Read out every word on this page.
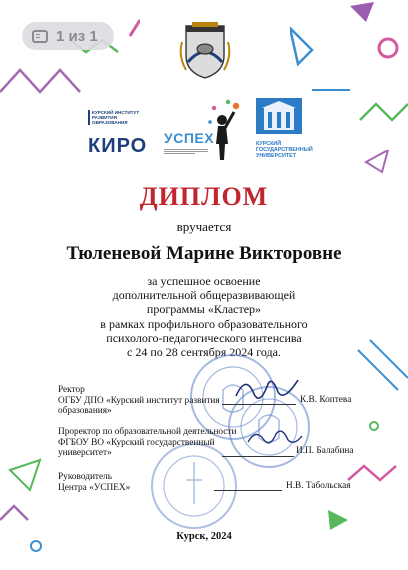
1 из 1
КУРСКИЙ ИНСТИТУТ РАЗВИТИЯ ОБРАЗОВАНИЯ
КИРО УСПЕХ	КУРСКИЙ ГОСУДАРСТВЕННЫЙ УНИВЕРСИТЕТ
ДИПЛОМ
вручается
Тюленевой Марине Викторовне
за успешное освоение
дополнительной общеразвивающей
программы «Кластер»
в рамках профильного образовательного
психолого-педагогического интенсива
с 24 по 28 сентября 2024 года.
Ректор
ОГБУ ДПО «Курский институт развития
образования»
К.В. Коптева
Проректор по образовательной деятельности
ФГБОУ ВО «Курский государственный
университет»	И.П. Балабина
Руководитель
Центра «УСПЕХ»	Н.В. Табольская
Курск, 2024
